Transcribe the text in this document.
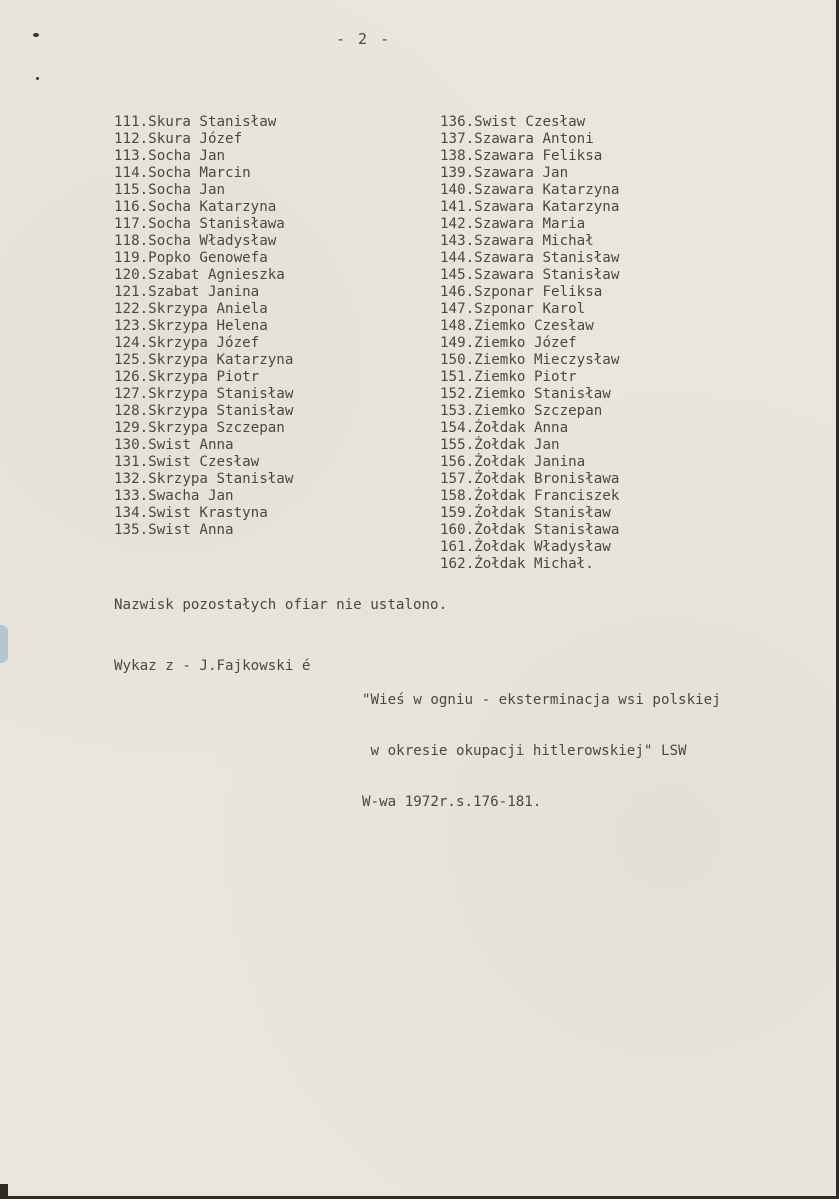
- 2 -
111.Skura Stanisław
112.Skura Józef
113.Socha Jan
114.Socha Marcin
115.Socha Jan
116.Socha Katarzyna
117.Socha Stanisława
118.Socha Władysław
119.Popko Genowefa
120.Szabat Agnieszka
121.Szabat Janina
122.Skrzypa Aniela
123.Skrzypa Helena
124.Skrzypa Józef
125.Skrzypa Katarzyna
126.Skrzypa Piotr
127.Skrzypa Stanisław
128.Skrzypa Stanisław
129.Skrzypa Szczepan
130.Swist Anna
131.Swist Czesław
132.Skrzypa Stanisław
133.Swacha Jan
134.Swist Krastyna
135.Swist Anna
136.Swist Czesław
137.Szawara Antoni
138.Szawara Feliksa
139.Szawara Jan
140.Szawara Katarzyna
141.Szawara Katarzyna
142.Szawara Maria
143.Szawara Michał
144.Szawara Stanisław
145.Szawara Stanisław
146.Szponar Feliksa
147.Szponar Karol
148.Ziemko Czesław
149.Ziemko Józef
150.Ziemko Mieczysław
151.Ziemko Piotr
152.Ziemko Stanisław
153.Ziemko Szczepan
154.Żołdak Anna
155.Żołdak Jan
156.Żołdak Janina
157.Żołdak Bronisława
158.Żołdak Franciszek
159.Żołdak Stanisław
160.Żołdak Stanisława
161.Żołdak Władysław
162.Żołdak Michał.
Nazwisk pozostałych ofiar nie ustalono.
Wykaz z - J.Fajkowski é

"Wieś w ogniu - eksterminacja wsi polskiej

w okresie okupacji hitlerowskiej" LSW

W-wa 1972r.s.176-181.
